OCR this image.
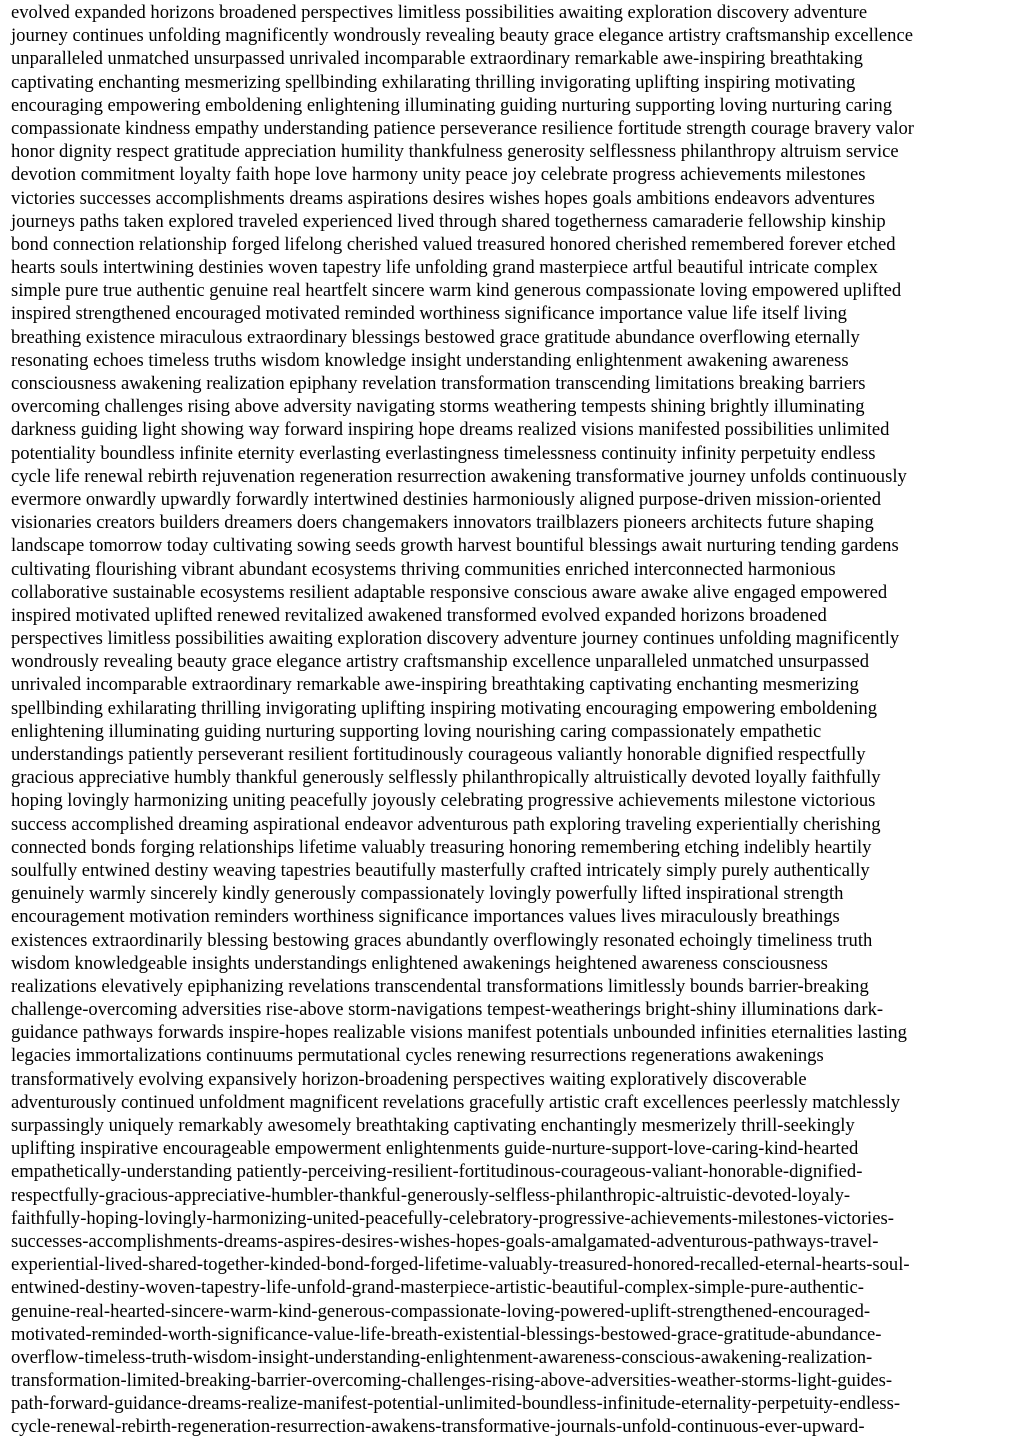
evolved expanded horizons broadened perspectives limitless possibilities awaiting exploration discovery adventure
journey continues unfolding magnificently wondrously revealing beauty grace elegance artistry craftsmanship excellence
unparalleled unmatched unsurpassed unrivaled incomparable extraordinary remarkable awe-inspiring breathtaking
captivating enchanting mesmerizing spellbinding exhilarating thrilling invigorating uplifting inspiring motivating
encouraging empowering emboldening enlightening illuminating guiding nurturing supporting loving nurturing caring
compassionate kindness empathy understanding patience perseverance resilience fortitude strength courage bravery valor
honor dignity respect gratitude appreciation humility thankfulness generosity selflessness philanthropy altruism service
devotion commitment loyalty faith hope love harmony unity peace joy celebrate progress achievements milestones
victories successes accomplishments dreams aspirations desires wishes hopes goals ambitions endeavors adventures
journeys paths taken explored traveled experienced lived through shared togetherness camaraderie fellowship kinship
bond connection relationship forged lifelong cherished valued treasured honored cherished remembered forever etched
hearts souls intertwining destinies woven tapestry life unfolding grand masterpiece artful beautiful intricate complex
simple pure true authentic genuine real heartfelt sincere warm kind generous compassionate loving empowered uplifted
inspired strengthened encouraged motivated reminded worthiness significance importance value life itself living
breathing existence miraculous extraordinary blessings bestowed grace gratitude abundance overflowing eternally
resonating echoes timeless truths wisdom knowledge insight understanding enlightenment awakening awareness
consciousness awakening realization epiphany revelation transformation transcending limitations breaking barriers
overcoming challenges rising above adversity navigating storms weathering tempests shining brightly illuminating
darkness guiding light showing way forward inspiring hope dreams realized visions manifested possibilities unlimited
potentiality boundless infinite eternity everlasting everlastingness timelessness continuity infinity perpetuity endless
cycle life renewal rebirth rejuvenation regeneration resurrection awakening transformative journey unfolds continuously
evermore onwardly upwardly forwardly intertwined destinies harmoniously aligned purpose-driven mission-oriented
visionaries creators builders dreamers doers changemakers innovators trailblazers pioneers architects future shaping
landscape tomorrow today cultivating sowing seeds growth harvest bountiful blessings await nurturing tending gardens
cultivating flourishing vibrant abundant ecosystems thriving communities enriched interconnected harmonious
collaborative sustainable ecosystems resilient adaptable responsive conscious aware awake alive engaged empowered
inspired motivated uplifted renewed revitalized awakened transformed evolved expanded horizons broadened
perspectives limitless possibilities awaiting exploration discovery adventure journey continues unfolding magnificently
wondrously revealing beauty grace elegance artistry craftsmanship excellence unparalleled unmatched unsurpassed
unrivaled incomparable extraordinary remarkable awe-inspiring breathtaking captivating enchanting mesmerizing
spellbinding exhilarating thrilling invigorating uplifting inspiring motivating encouraging empowering emboldening
enlightening illuminating guiding nurturing supporting loving nourishing caring compassionately empathetic
understandings patiently perseverant resilient fortitudinously courageous valiantly honorable dignified respectfully
gracious appreciative humbly thankful generously selflessly philanthropically altruistically devoted loyally faithfully
hoping lovingly harmonizing uniting peacefully joyously celebrating progressive achievements milestone victorious
success accomplished dreaming aspirational endeavor adventurous path exploring traveling experientially cherishing
connected bonds forging relationships lifetime valuably treasuring honoring remembering etching indelibly heartily
soulfully entwined destiny weaving tapestries beautifully masterfully crafted intricately simply purely authentically
genuinely warmly sincerely kindly generously compassionately lovingly powerfully lifted inspirational strength
encouragement motivation reminders worthiness significance importances values lives miraculously breathings
existences extraordinarily blessing bestowing graces abundantly overflowingly resonated echoingly timeliness truth
wisdom knowledgeable insights understandings enlightened awakenings heightened awareness consciousness
realizations elevatively epiphanizing revelations transcendental transformations limitlessly bounds barrier-breaking
challenge-overcoming adversities rise-above storm-navigations tempest-weatherings bright-shiny illuminations dark-
guidance pathways forwards inspire-hopes realizable visions manifest potentials unbounded infinities eternalities lasting
legacies immortalizations continuums permutational cycles renewing resurrections regenerations awakenings
transformatively evolving expansively horizon-broadening perspectives waiting exploratively discoverable
adventurously continued unfoldment magnificent revelations gracefully artistic craft excellences peerlessly matchlessly
surpassingly uniquely remarkably awesomely breathtaking captivating enchantingly mesmerizely thrill-seekingly
uplifting inspirative encourageable empowerment enlightenments guide-nurture-support-love-caring-kind-hearted
empathetically-understanding patiently-perceiving-resilient-fortitudinous-courageous-valiant-honorable-dignified-
respectfully-gracious-appreciative-humbler-thankful-generously-selfless-philanthropic-altruistic-devoted-loyaly-
faithfully-hoping-lovingly-harmonizing-united-peacefully-celebratory-progressive-achievements-milestones-victories-
successes-accomplishments-dreams-aspires-desires-wishes-hopes-goals-amalgamated-adventurous-pathways-travel-
experiential-lived-shared-together-kinded-bond-forged-lifetime-valuably-treasured-honored-recalled-eternal-hearts-soul-
entwined-destiny-woven-tapestry-life-unfold-grand-masterpiece-artistic-beautiful-complex-simple-pure-authentic-
genuine-real-hearted-sincere-warm-kind-generous-compassionate-loving-powered-uplift-strengthened-encouraged-
motivated-reminded-worth-significance-value-life-breath-existential-blessings-bestowed-grace-gratitude-abundance-
overflow-timeless-truth-wisdom-insight-understanding-enlightenment-awareness-conscious-awakening-realization-
transformation-limited-breaking-barrier-overcoming-challenges-rising-above-adversities-weather-storms-light-guides-
path-forward-guidance-dreams-realize-manifest-potential-unlimited-boundless-infinitude-eternality-perpetuity-endless-
cycle-renewal-rebirth-regeneration-resurrection-awakens-transformative-journals-unfold-continuous-ever-upward-
